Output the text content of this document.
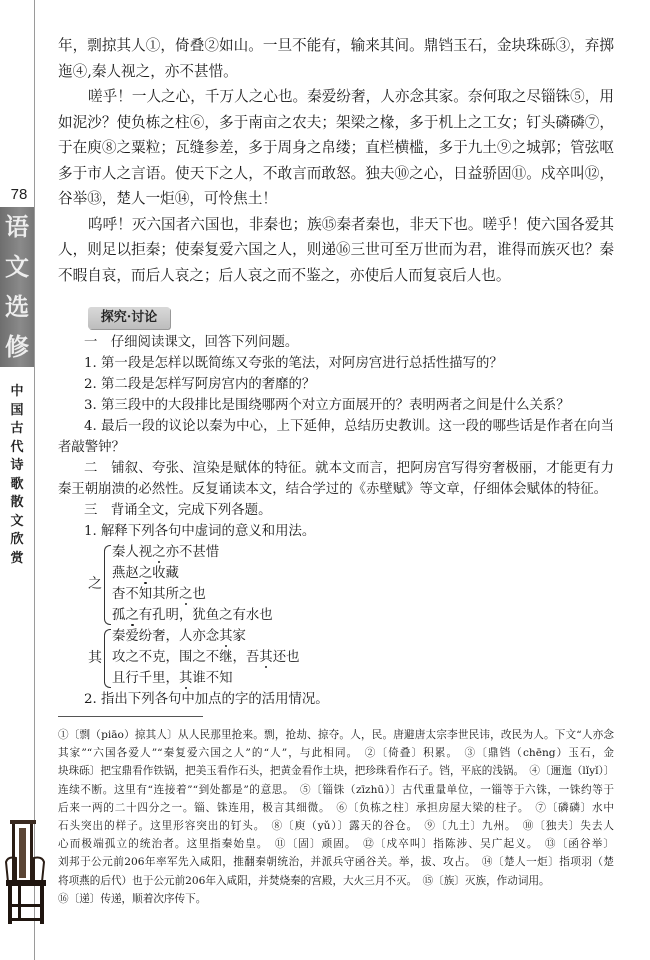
78
语
文
选
修
中国古代诗歌散文欣赏
年，剽掠其人①，倚叠②如山。一旦不能有，输来其间。鼎铛玉石，金块珠砾③，弃掷
迤④,秦人视之，亦不甚惜。
嗟乎！一人之心，千万人之心也。秦爱纷奢，人亦念其家。奈何取之尽锱铢⑤，用
如泥沙？使负栋之柱⑥，多于南亩之农夫；架梁之椽，多于机上之工女；钉头磷磷⑦，
于在庾⑧之粟粒；瓦缝参差，多于周身之帛缕；直栏横槛，多于九土⑨之城郭；管弦呕
多于市人之言语。使天下之人，不敢言而敢怒。独夫⑩之心，日益骄固⑪。戍卒叫⑫，
谷举⑬，楚人一炬⑭，可怜焦土！
呜呼！灭六国者六国也，非秦也；族⑮秦者秦也，非天下也。嗟乎！使六国各爱其
人，则足以拒秦；使秦复爱六国之人，则递⑯三世可至万世而为君，谁得而族灭也？秦
不暇自哀，而后人哀之；后人哀之而不鉴之，亦使后人而复哀后人也。
探究·讨论
一　仔细阅读课文，回答下列问题。
1. 第一段是怎样以既简练又夸张的笔法，对阿房宫进行总括性描写的？
2. 第二段是怎样写阿房宫内的奢靡的？
3. 第三段中的大段排比是围绕哪两个对立方面展开的？表明两者之间是什么关系？
4. 最后一段的议论以秦为中心，上下延伸，总结历史教训。这一段的哪些话是作者在向当
者敲警钟？
二　铺叙、夸张、渲染是赋体的特征。就本文而言，把阿房宫写得穷奢极丽，才能更有力
秦王朝崩溃的必然性。反复诵读本文，结合学过的《赤壁赋》等文章，仔细体会赋体的特征。
三　背诵全文，完成下列各题。
1. 解释下列各句中虚词的意义和用法。
之
秦人视之亦不甚惜
燕赵之收藏
杳不知其所之也
孤之有孔明，犹鱼之有水也
其
秦爱纷奢，人亦念其家
攻之不克，围之不继，吾其还也
且行千里，其谁不知
2. 指出下列各句中加点的字的活用情况。
①〔剽（piāo）掠其人〕从人民那里抢来。剽，抢劫、掠夺。人，民。唐避唐太宗李世民讳，改民为人。下文“人亦念
其家”“六国各爱人”“秦复爱六国之人”的“人”，与此相同。　②〔倚叠〕积累。　③〔鼎铛（chēng）玉石，金
块珠砾〕把宝鼎看作铁锅，把美玉看作石头，把黄金看作土块，把珍珠看作石子。铛，平底的浅锅。　④〔逦迤（lǐyǐ）〕
连续不断。这里有“连接着”“到处都是”的意思。　⑤〔锱铢（zīzhū）〕古代重量单位，一锱等于六铢，一铢约等于
后来一两的二十四分之一。锱、铢连用，极言其细微。　⑥〔负栋之柱〕承担房屋大梁的柱子。　⑦〔磷磷〕水中
石头突出的样子。这里形容突出的钉头。　⑧〔庾（yǔ）〕露天的谷仓。　⑨〔九土〕九州。　⑩〔独夫〕失去人
心而极端孤立的统治者。这里指秦始皇。　⑪〔固〕顽固。　⑫〔戍卒叫〕指陈涉、吴广起义。　⑬〔函谷举〕
刘邦于公元前206年率军先入咸阳，推翻秦朝统治，并派兵守函谷关。举，拔、攻占。　⑭〔楚人一炬〕指项羽（楚
将项燕的后代）也于公元前206年入咸阳，并焚烧秦的宫殿，大火三月不灭。　⑮〔族〕灭族，作动词用。
⑯〔递〕传递，顺着次序传下。
